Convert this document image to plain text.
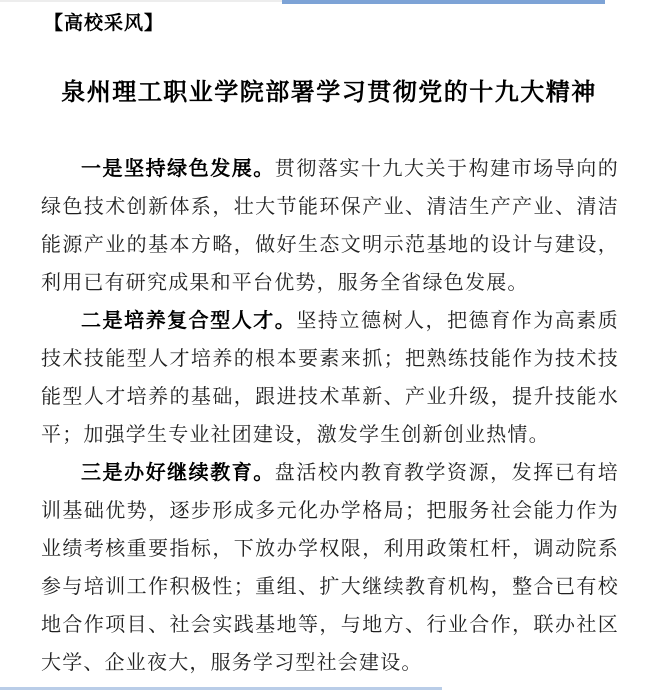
【高校采风】
泉州理工职业学院部署学习贯彻党的十九大精神

一是坚持绿色发展。贯彻落实十九大关于构建市场导向的绿色技术创新体系，壮大节能环保产业、清洁生产产业、清洁能源产业的基本方略，做好生态文明示范基地的设计与建设，利用已有研究成果和平台优势，服务全省绿色发展。

二是培养复合型人才。坚持立德树人，把德育作为高素质技术技能型人才培养的根本要素来抓；把熟练技能作为技术技能型人才培养的基础，跟进技术革新、产业升级，提升技能水平；加强学生专业社团建设，激发学生创新创业热情。

三是办好继续教育。盘活校内教育教学资源，发挥已有培训基础优势，逐步形成多元化办学格局；把服务社会能力作为业绩考核重要指标，下放办学权限，利用政策杠杆，调动院系参与培训工作积极性；重组、扩大继续教育机构，整合已有校地合作项目、社会实践基地等，与地方、行业合作，联办社区大学、企业夜大，服务学习型社会建设。
